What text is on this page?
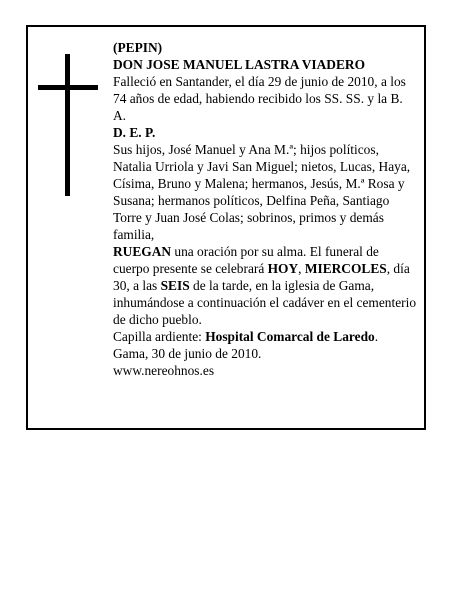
(PEPIN)

DON JOSE MANUEL LASTRA VIADERO

Falleció en Santander, el día 29 de junio de 2010, a los 74 años de edad, habiendo recibido los SS. SS. y la B. A.

D. E. P.

Sus hijos, José Manuel y Ana M.ª; hijos políticos, Natalia Urriola y Javi San Miguel; nietos, Lucas, Haya, Císima, Bruno y Malena; hermanos, Jesús, M.ª Rosa y Susana; hermanos políticos, Delfina Peña, Santiago Torre y Juan José Colas; sobrinos, primos y demás familia,

RUEGAN una oración por su alma. El funeral de cuerpo presente se celebrará HOY, MIERCOLES, día 30, a las SEIS de la tarde, en la iglesia de Gama, inhumándose a continuación el cadáver en el cementerio de dicho pueblo.

Capilla ardiente: Hospital Comarcal de Laredo.

Gama, 30 de junio de 2010.

www.nereohnos.es
